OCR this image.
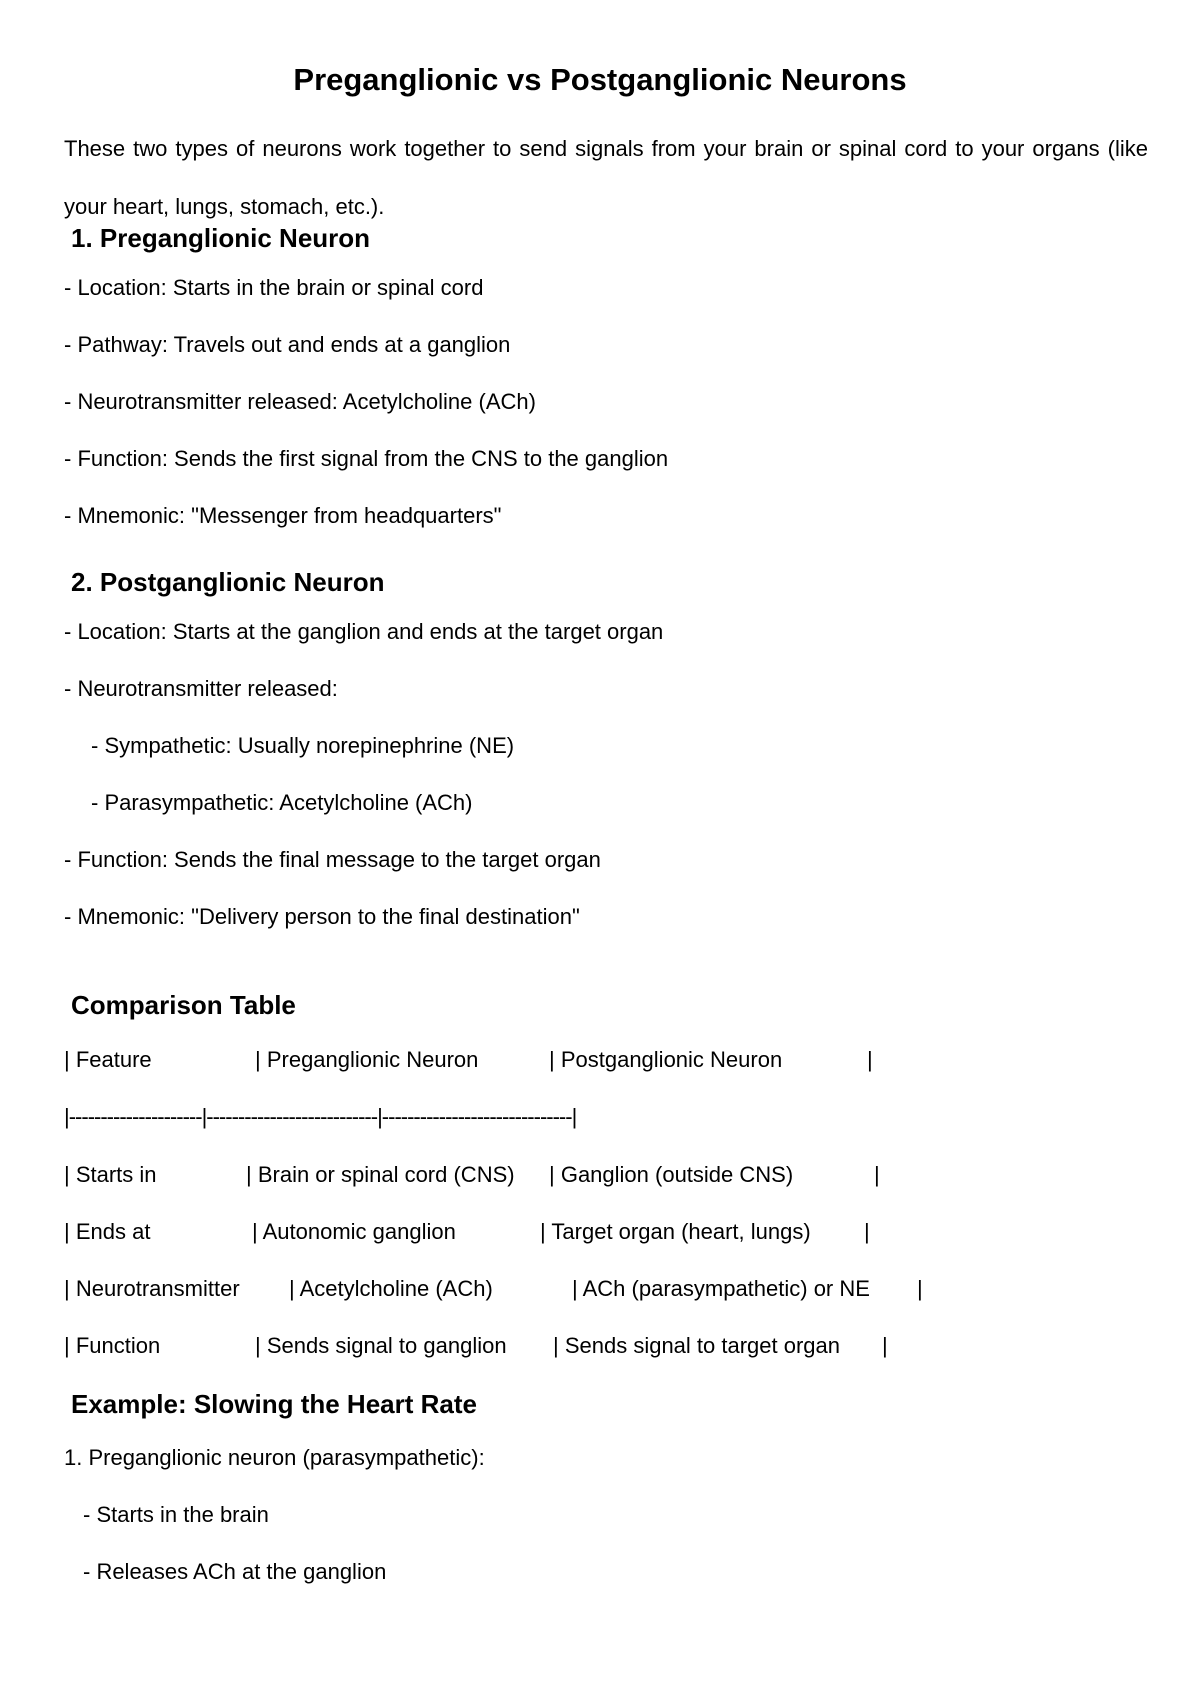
Preganglionic vs Postganglionic Neurons
These two types of neurons work together to send signals from your brain or spinal cord to your organs (like your heart, lungs, stomach, etc.).
1. Preganglionic Neuron
- Location: Starts in the brain or spinal cord
- Pathway: Travels out and ends at a ganglion
- Neurotransmitter released: Acetylcholine (ACh)
- Function: Sends the first signal from the CNS to the ganglion
- Mnemonic: "Messenger from headquarters"
2. Postganglionic Neuron
- Location: Starts at the ganglion and ends at the target organ
- Neurotransmitter released:
- Sympathetic: Usually norepinephrine (NE)
- Parasympathetic: Acetylcholine (ACh)
- Function: Sends the final message to the target organ
- Mnemonic: "Delivery person to the final destination"
Comparison Table
| Feature	| Preganglionic Neuron	| Postganglionic Neuron	|
|---------------------|---------------------------|------------------------------|
| Starts in	| Brain or spinal cord (CNS) | Ganglion (outside CNS)	|
| Ends at	| Autonomic ganglion	| Target organ (heart, lungs) |
| Neurotransmitter | Acetylcholine (ACh)	| ACh (parasympathetic) or NE |
| Function	| Sends signal to ganglion | Sends signal to target organ |
Example: Slowing the Heart Rate
1. Preganglionic neuron (parasympathetic):
- Starts in the brain
- Releases ACh at the ganglion
